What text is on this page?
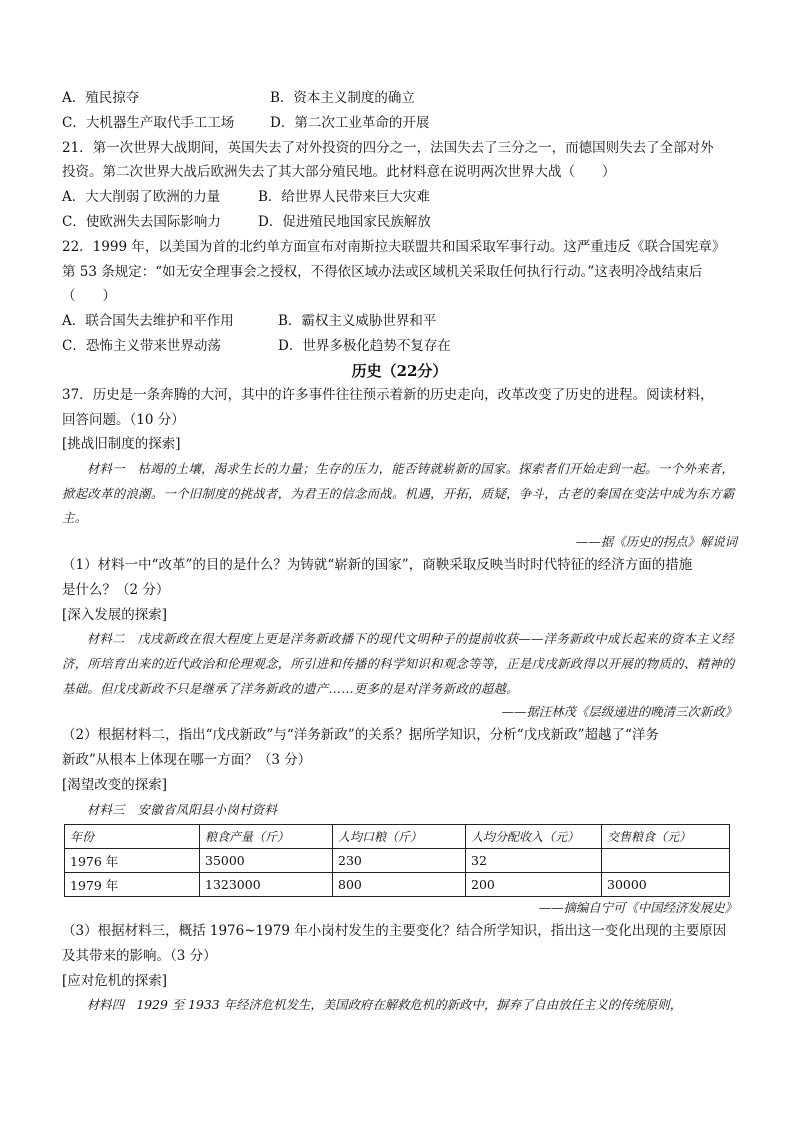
A．殖民掠夺	B．资本主义制度的确立
C．大机器生产取代手工工场	D．第二次工业革命的开展
21．第一次世界大战期间，英国失去了对外投资的四分之一，法国失去了三分之一，而德国则失去了全部对外
投资。第二次世界大战后欧洲失去了其大部分殖民地。此材料意在说明两次世界大战（　　）
A．大大削弱了欧洲的力量	B．给世界人民带来巨大灾难
C．使欧洲失去国际影响力	D．促进殖民地国家民族解放
22．1999 年，以美国为首的北约单方面宣布对南斯拉夫联盟共和国采取军事行动。这严重违反《联合国宪章》
第 53 条规定：“如无安全理事会之授权，不得依区域办法或区域机关采取任何执行行动。”这表明冷战结束后
（　　）
A．联合国失去维护和平作用	B．霸权主义威胁世界和平
C．恐怖主义带来世界动荡	D．世界多极化趋势不复存在
历史（22分）
37．历史是一条奔腾的大河，其中的许多事件往往预示着新的历史走向，改革改变了历史的进程。阅读材料，
回答问题。（10 分）
[挑战旧制度的探索]
材料一　枯竭的土壤，渴求生长的力量；生存的压力，能否铸就崭新的国家。探索者们开始走到一起。一个外来者，掀起改革的浪潮。一个旧制度的挑战者，为君王的信念而战。机遇，开拓，质疑，争斗，古老的秦国在变法中成为东方霸主。
——据《历史的拐点》解说词
（1）材料一中“改革”的目的是什么？为铸就“崭新的国家”，商鞅采取反映当时时代特征的经济方面的措施
是什么？（2 分）
[深入发展的探索]
材料二　戊戌新政在很大程度上更是洋务新政播下的现代文明种子的提前收获——洋务新政中成长起来的资本主义经济，所培育出来的近代政治和伦理观念，所引进和传播的科学知识和观念等等，正是戊戌新政得以开展的物质的、精神的基础。但戊戌新政不只是继承了洋务新政的遗产……更多的是对洋务新政的超越。
——据汪林茂《层级递进的晚清三次新政》
（2）根据材料二，指出“戊戌新政”与“洋务新政”的关系？据所学知识，分析“戊戌新政”超越了“洋务
新政”从根本上体现在哪一方面？（3 分）
[渴望改变的探索]
材料三　安徽省凤阳县小岗村资料
年份	粮食产量（斤）	人均口粮（斤）	人均分配收入（元）	交售粮食（元）
1976 年	35000	230	32	
1979 年	1323000	800	200	30000
——摘编自宁可《中国经济发展史》
（3）根据材料三，概括 1976~1979 年小岗村发生的主要变化？结合所学知识，指出这一变化出现的主要原因
及其带来的影响。（3 分）
[应对危机的探索]
材料四　1929 至 1933 年经济危机发生，美国政府在解救危机的新政中，摒弃了自由放任主义的传统原则，
